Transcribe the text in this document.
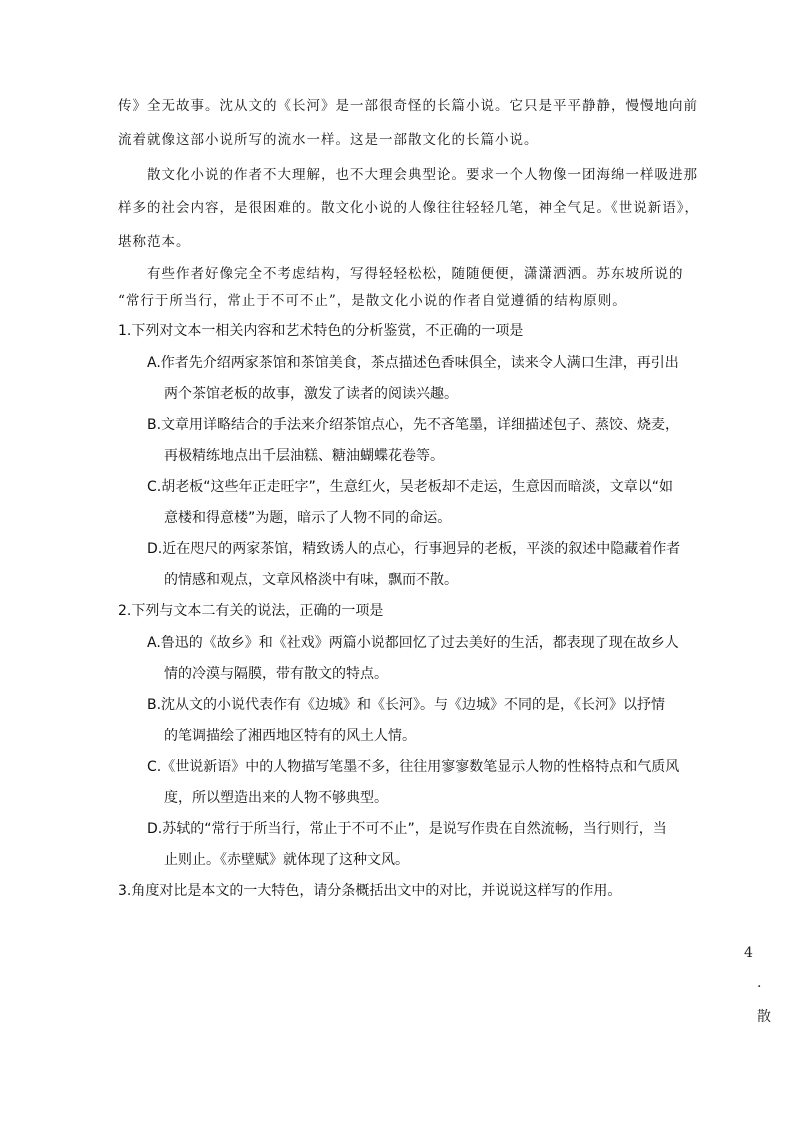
传》全无故事。沈从文的《长河》是一部很奇怪的长篇小说。它只是平平静静，慢慢地向前
流着就像这部小说所写的流水一样。这是一部散文化的长篇小说。
散文化小说的作者不大理解，也不大理会典型论。要求一个人物像一团海绵一样吸进那
样多的社会内容，是很困难的。散文化小说的人像往往轻轻几笔，神全气足。《世说新语》，
堪称范本。
有些作者好像完全不考虑结构，写得轻轻松松，随随便便，潇潇洒洒。苏东坡所说的
“常行于所当行，常止于不可不止”，是散文化小说的作者自觉遵循的结构原则。
1.下列对文本一相关内容和艺术特色的分析鉴赏，不正确的一项是
A.作者先介绍两家茶馆和茶馆美食，茶点描述色香味俱全，读来令人满口生津，再引出
两个茶馆老板的故事，激发了读者的阅读兴趣。
B.文章用详略结合的手法来介绍茶馆点心，先不吝笔墨，详细描述包子、蒸饺、烧麦，
再极精练地点出千层油糕、糖油蝴蝶花卷等。
C.胡老板“这些年正走旺字”，生意红火，吴老板却不走运，生意因而暗淡，文章以“如
意楼和得意楼”为题，暗示了人物不同的命运。
D.近在咫尺的两家茶馆，精致诱人的点心，行事迥异的老板，平淡的叙述中隐藏着作者
的情感和观点，文章风格淡中有味，飘而不散。
2.下列与文本二有关的说法，正确的一项是
A.鲁迅的《故乡》和《社戏》两篇小说都回忆了过去美好的生活，都表现了现在故乡人
情的冷漠与隔膜，带有散文的特点。
B.沈从文的小说代表作有《边城》和《长河》。与《边城》不同的是，《长河》以抒情
的笔调描绘了湘西地区特有的风土人情。
C.《世说新语》中的人物描写笔墨不多，往往用寥寥数笔显示人物的性格特点和气质风
度，所以塑造出来的人物不够典型。
D.苏轼的“常行于所当行，常止于不可不止”，是说写作贵在自然流畅，当行则行，当
止则止。《赤壁赋》就体现了这种文风。
3.角度对比是本文的一大特色，请分条概括出文中的对比，并说说这样写的作用。
4
.
散
